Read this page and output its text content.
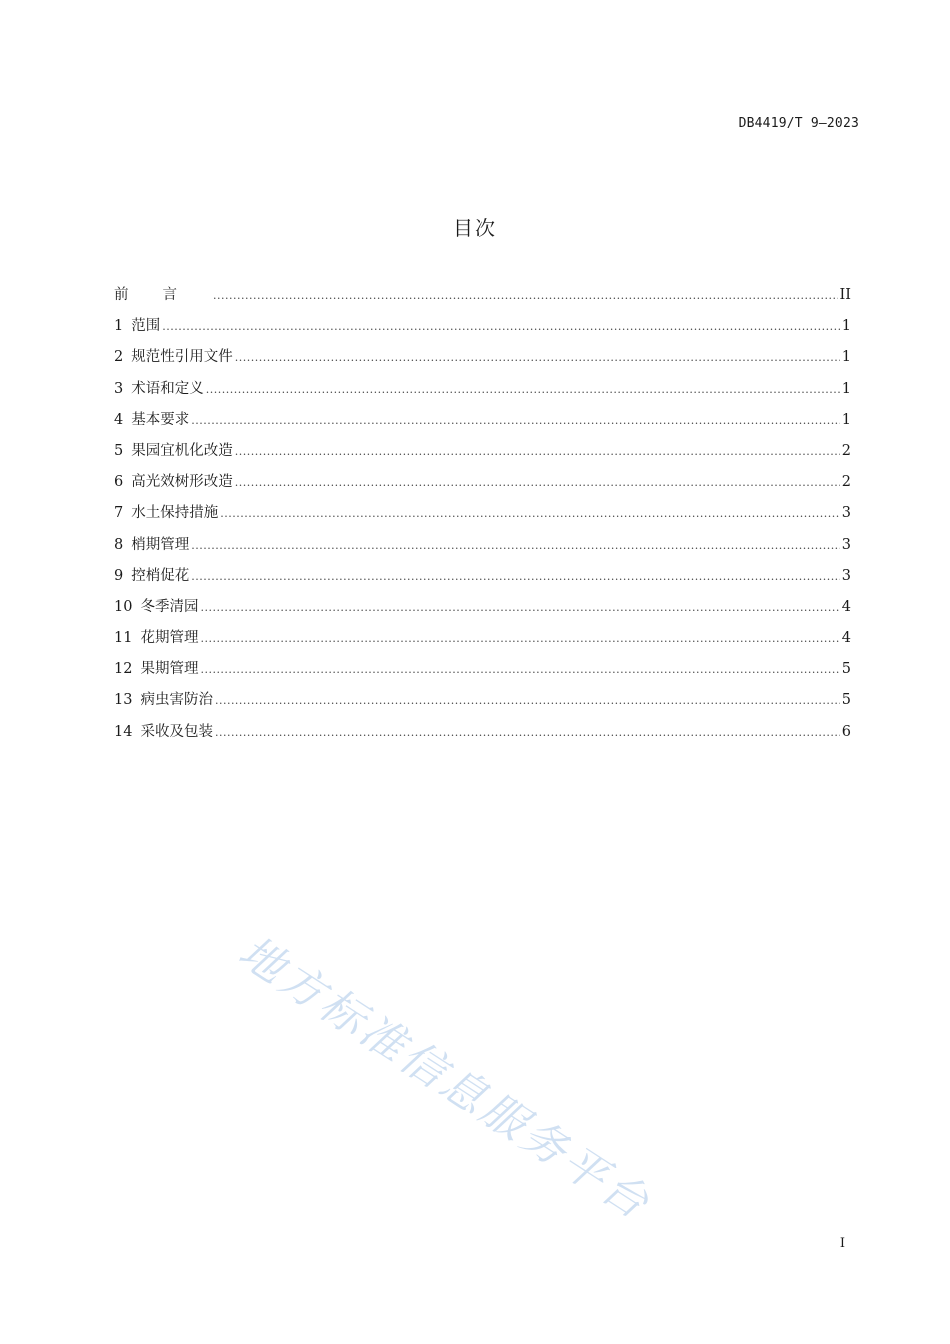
DB4419/T 9—2023
目次
前言 .....	II
1 范围 .....	1
2 规范性引用文件 .....	1
3 术语和定义 .....	1
4 基本要求 .....	1
5 果园宜机化改造 .....	2
6 高光效树形改造 .....	2
7 水土保持措施 .....	3
8 梢期管理 .....	3
9 控梢促花 .....	3
10 冬季清园 .....	4
11 花期管理 .....	4
12 果期管理 .....	5
13 病虫害防治 .....	5
14 采收及包装 .....	6
地方标准信息服务平台
I
